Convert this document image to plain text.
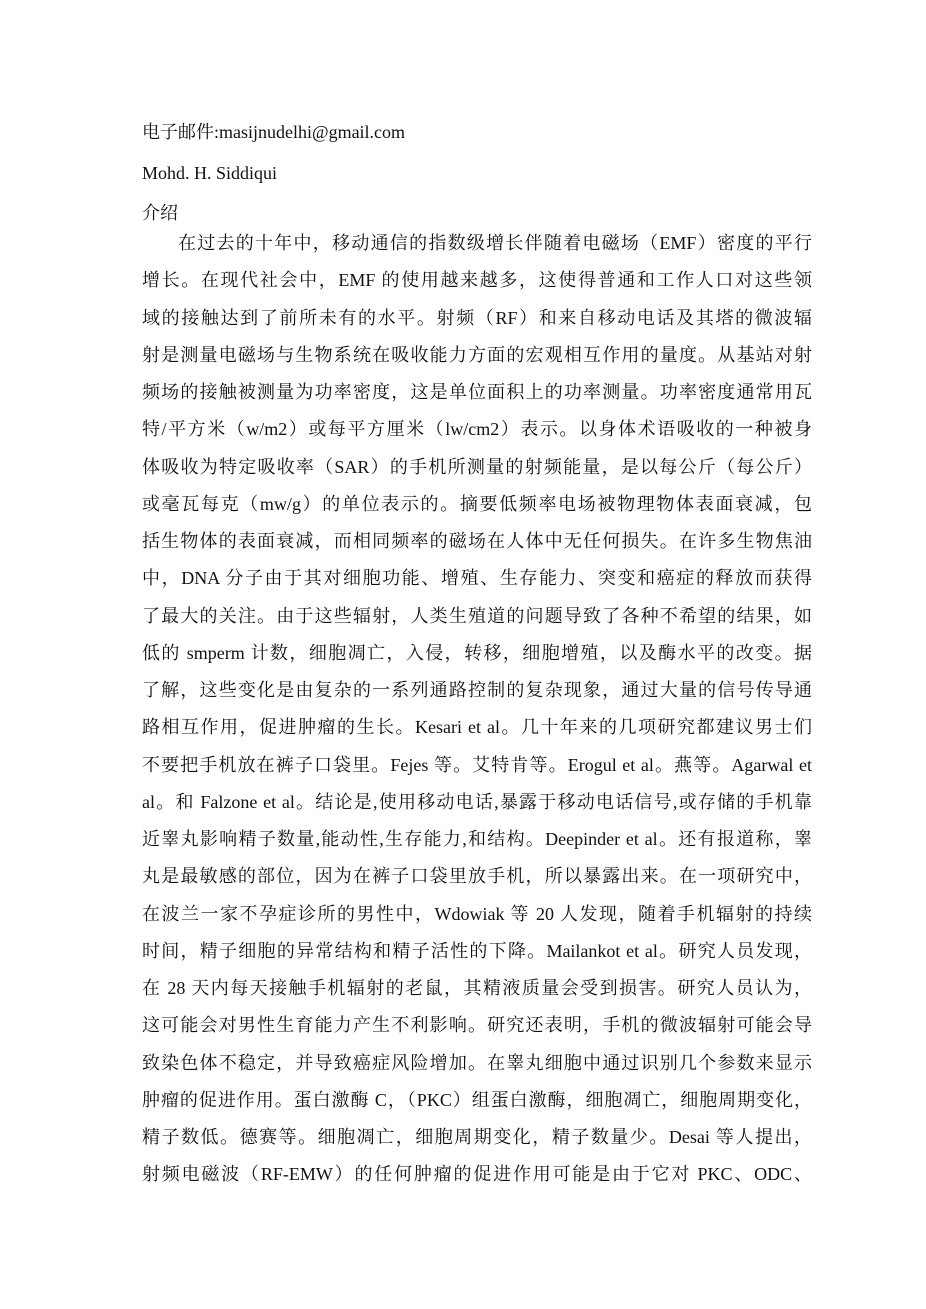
电子邮件:masijnudelhi@gmail.com
Mohd. H. Siddiqui
介绍
在过去的十年中，移动通信的指数级增长伴随着电磁场（EMF）密度的平行
增长。在现代社会中，EMF 的使用越来越多，这使得普通和工作人口对这些领
域的接触达到了前所未有的水平。射频（RF）和来自移动电话及其塔的微波辐
射是测量电磁场与生物系统在吸收能力方面的宏观相互作用的量度。从基站对射
频场的接触被测量为功率密度，这是单位面积上的功率测量。功率密度通常用瓦
特/平方米（w/m2）或每平方厘米（lw/cm2）表示。以身体术语吸收的一种被身
体吸收为特定吸收率（SAR）的手机所测量的射频能量，是以每公斤（每公斤）
或毫瓦每克（mw/g）的单位表示的。摘要低频率电场被物理物体表面衰减，包
括生物体的表面衰减，而相同频率的磁场在人体中无任何损失。在许多生物焦油
中，DNA 分子由于其对细胞功能、增殖、生存能力、突变和癌症的释放而获得
了最大的关注。由于这些辐射，人类生殖道的问题导致了各种不希望的结果，如
低的 smperm 计数，细胞凋亡，入侵，转移，细胞增殖，以及酶水平的改变。据
了解，这些变化是由复杂的一系列通路控制的复杂现象，通过大量的信号传导通
路相互作用，促进肿瘤的生长。Kesari et al。几十年来的几项研究都建议男士们
不要把手机放在裤子口袋里。Fejes 等。艾特肯等。Erogul et al。燕等。Agarwal et
al。和 Falzone et al。结论是,使用移动电话,暴露于移动电话信号,或存储的手机靠
近睾丸影响精子数量,能动性,生存能力,和结构。Deepinder et al。还有报道称，睾
丸是最敏感的部位，因为在裤子口袋里放手机，所以暴露出来。在一项研究中，
在波兰一家不孕症诊所的男性中，Wdowiak 等 20 人发现，随着手机辐射的持续
时间，精子细胞的异常结构和精子活性的下降。Mailankot et al。研究人员发现，
在 28 天内每天接触手机辐射的老鼠，其精液质量会受到损害。研究人员认为，
这可能会对男性生育能力产生不利影响。研究还表明，手机的微波辐射可能会导
致染色体不稳定，并导致癌症风险增加。在睾丸细胞中通过识别几个参数来显示
肿瘤的促进作用。蛋白激酶 C，（PKC）组蛋白激酶，细胞凋亡，细胞周期变化，
精子数低。德赛等。细胞凋亡，细胞周期变化，精子数量少。Desai 等人提出，
射频电磁波（RF-EMW）的任何肿瘤的促进作用可能是由于它对 PKC、ODC、
